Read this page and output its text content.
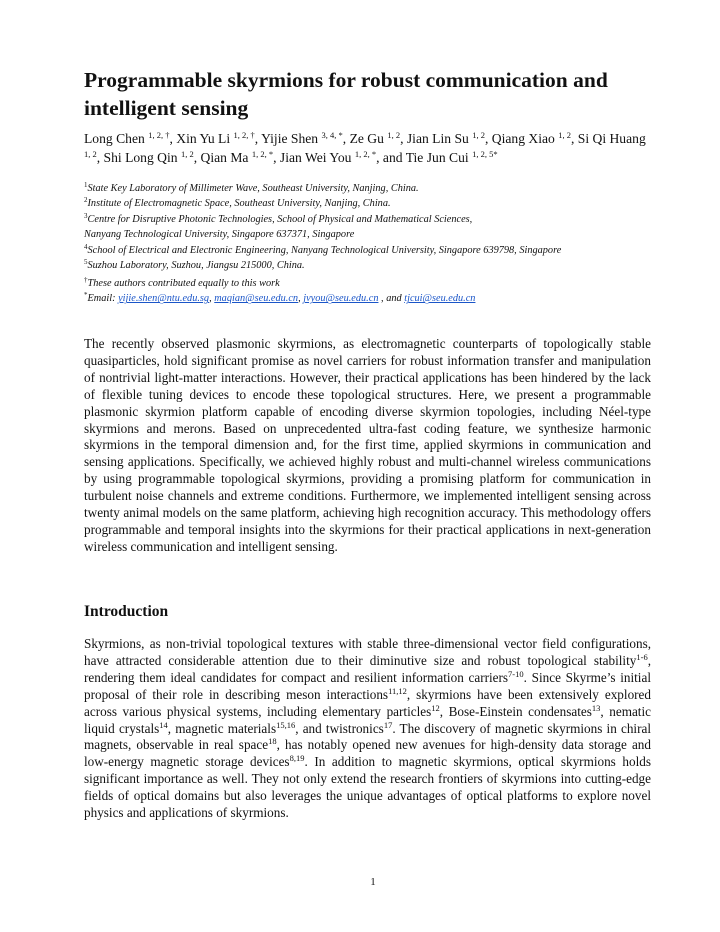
Programmable skyrmions for robust communication and intelligent sensing

Long Chen $^{1, 2, \dagger}$, Xin Yu Li $^{1, 2, \dagger}$, Yijie Shen $^{3, 4, *}$, Ze Gu $^{1, 2}$, Jian Lin Su $^{1, 2}$, Qiang Xiao $^{1, 2}$, Si Qi Huang $^{1, 2}$, Shi Long Qin $^{1, 2}$, Qian Ma $^{1, 2, *}$, Jian Wei You $^{1, 2, *}$, and Tie Jun Cui $^{1, 2, 5*}$

$^1$State Key Laboratory of Millimeter Wave, Southeast University, Nanjing, China.
$^2$Institute of Electromagnetic Space, Southeast University, Nanjing, China.
$^3$Centre for Disruptive Photonic Technologies, School of Physical and Mathematical Sciences,
Nanyang Technological University, Singapore 637371, Singapore
$^4$School of Electrical and Electronic Engineering, Nanyang Technological University, Singapore 639798, Singapore
$^5$Suzhou Laboratory, Suzhou, Jiangsu 215000, China.
†These authors contributed equally to this work
*Email: yijie.shen@ntu.edu.sg, maqian@seu.edu.cn, jvyou@seu.edu.cn , and tjcui@seu.edu.cn

The recently observed plasmonic skyrmions, as electromagnetic counterparts of topologically stable quasiparticles, hold significant promise as novel carriers for robust information transfer and manipulation of nontrivial light-matter interactions. However, their practical applications has been hindered by the lack of flexible tuning devices to encode these topological structures. Here, we present a programmable plasmonic skyrmion platform capable of encoding diverse skyrmion topologies, including Néel-type skyrmions and merons. Based on unprecedented ultra-fast coding feature, we synthesize harmonic skyrmions in the temporal dimension and, for the first time, applied skyrmions in communication and sensing applications. Specifically, we achieved highly robust and multi-channel wireless communications by using programmable topological skyrmions, providing a promising platform for communication in turbulent noise channels and extreme conditions. Furthermore, we implemented intelligent sensing across twenty animal models on the same platform, achieving high recognition accuracy. This methodology offers programmable and temporal insights into the skyrmions for their practical applications in next-generation wireless communication and intelligent sensing.

Introduction

Skyrmions, as non-trivial topological textures with stable three-dimensional vector field configurations, have attracted considerable attention due to their diminutive size and robust topological stability$^{1-6}$, rendering them ideal candidates for compact and resilient information carriers$^{7-10}$. Since Skyrme’s initial proposal of their role in describing meson interactions$^{11,12}$, skyrmions have been extensively explored across various physical systems, including elementary particles$^{12}$, Bose-Einstein condensates$^{13}$, nematic liquid crystals$^{14}$, magnetic materials$^{15,16}$, and twistronics$^{17}$. The discovery of magnetic skyrmions in chiral magnets, observable in real space$^{18}$, has notably opened new avenues for high-density data storage and low-energy magnetic storage devices$^{8,19}$. In addition to magnetic skyrmions, optical skyrmions holds significant importance as well. They not only extend the research frontiers of skyrmions into cutting-edge fields of optical domains but also leverages the unique advantages of optical platforms to explore novel physics and applications of skyrmions.

1
